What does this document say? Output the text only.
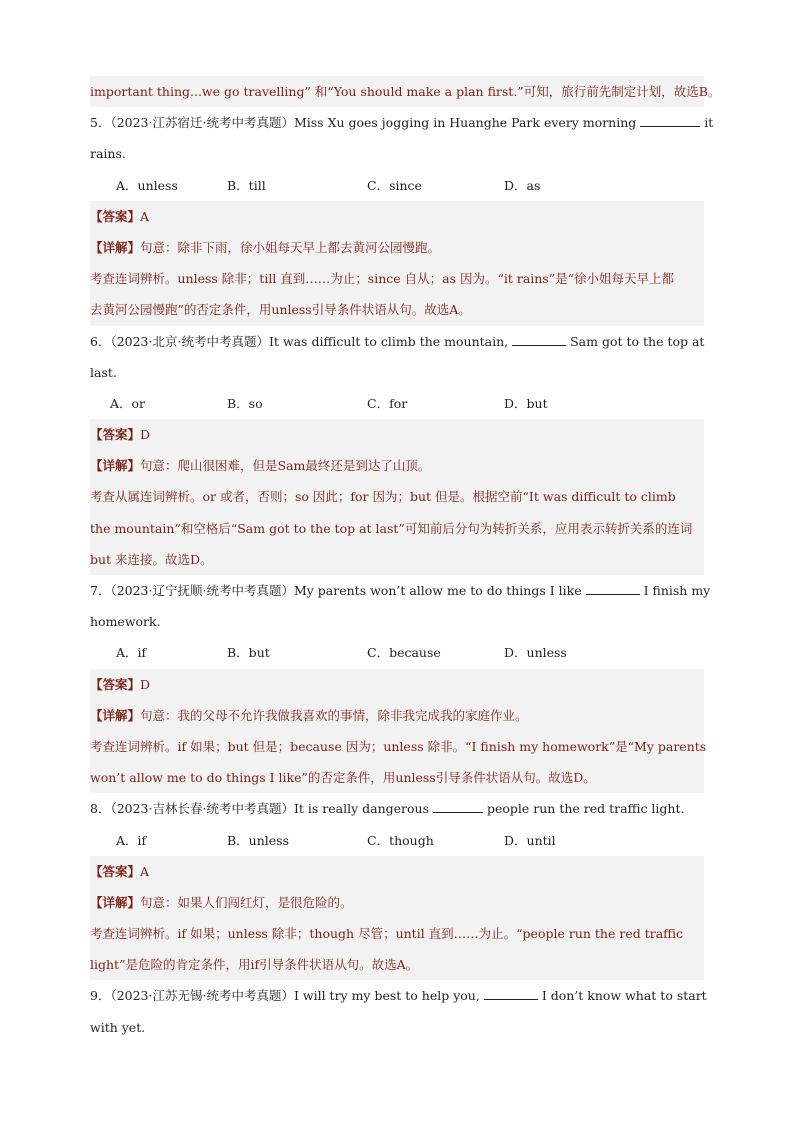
important thing...we go travelling” 和“You should make a plan first.”可知，旅行前先制定计划，故选B。
5．（2023·江苏宿迁·统考中考真题）Miss Xu goes jogging in Huanghe Park every morning	it
rains.
A．unless	B．till	C．since	D．as
【答案】A
【详解】句意：除非下雨，徐小姐每天早上都去黄河公园慢跑。
考查连词辨析。unless 除非；till 直到……为止；since 自从；as 因为。“it rains”是“徐小姐每天早上都
去黄河公园慢跑”的否定条件，用unless引导条件状语从句。故选A。
6．（2023·北京·统考中考真题）It was difficult to climb the mountain,	Sam got to the top at
last.
A．or	B．so	C．for	D．but
【答案】D
【详解】句意：爬山很困难，但是Sam最终还是到达了山顶。
考查从属连词辨析。or 或者，否则；so 因此；for 因为；but 但是。根据空前“It was difficult to climb
the mountain”和空格后“Sam got to the top at last”可知前后分句为转折关系，应用表示转折关系的连词
but 来连接。故选D。
7．（2023·辽宁抚顺·统考中考真题）My parents won’t allow me to do things I like	I finish my
homework.
A．if	B．but	C．because	D．unless
【答案】D
【详解】句意：我的父母不允许我做我喜欢的事情，除非我完成我的家庭作业。
考查连词辨析。if 如果；but 但是；because 因为；unless 除非。“I finish my homework”是“My parents
won’t allow me to do things I like”的否定条件，用unless引导条件状语从句。故选D。
8．（2023·吉林长春·统考中考真题）It is really dangerous	people run the red traffic light.
A．if	B．unless	C．though	D．until
【答案】A
【详解】句意：如果人们闯红灯，是很危险的。
考查连词辨析。if 如果；unless 除非；though 尽管；until 直到……为止。“people run the red traffic
light”是危险的肯定条件，用if引导条件状语从句。故选A。
9．（2023·江苏无锡·统考中考真题）I will try my best to help you,	I don’t know what to start
with yet.
